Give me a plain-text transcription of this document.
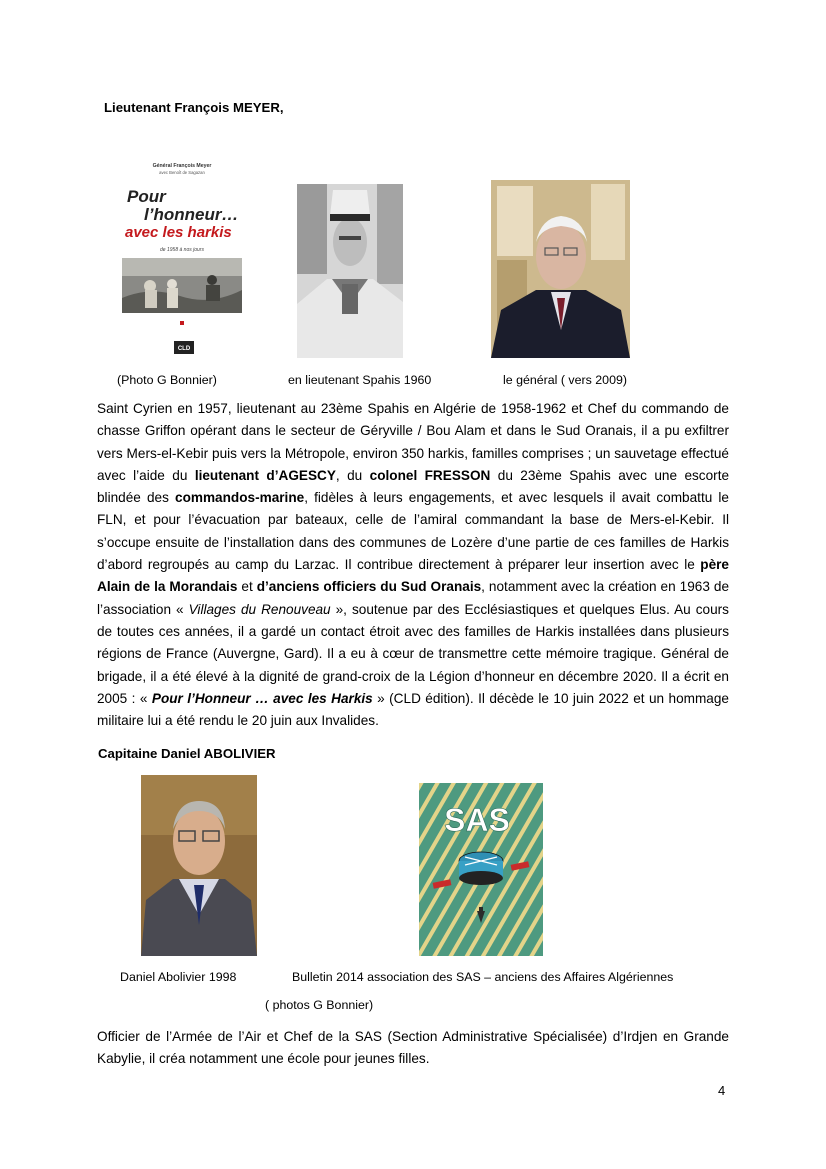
Lieutenant François MEYER,
Général François Meyer
avec Benoît de Sagazan
Pour
l’honneur…
avec les harkis
de 1958 à nos jours
CLD
(Photo G Bonnier)	en lieutenant Spahis 1960	le général ( vers 2009)
Saint Cyrien en 1957, lieutenant au 23ème Spahis en Algérie de 1958-1962 et Chef du commando de chasse Griffon opérant dans le secteur de Géryville / Bou Alam et dans le Sud Oranais, il a pu exfiltrer vers Mers-el-Kebir puis vers la Métropole, environ 350 harkis, familles comprises ; un sauvetage effectué avec l’aide du lieutenant d’AGESCY, du colonel FRESSON du 23ème Spahis avec une escorte blindée des commandos-marine, fidèles à leurs engagements, et avec lesquels il avait combattu le FLN, et pour l’évacuation par bateaux, celle de l’amiral commandant la base de Mers-el-Kebir. Il s’occupe ensuite de l’installation dans des communes de Lozère d’une partie de ces familles de Harkis d’abord regroupés au camp du Larzac. Il contribue directement à préparer leur insertion avec le père Alain de la Morandais et d’anciens officiers du Sud Oranais, notamment avec la création en 1963 de l’association « Villages du Renouveau », soutenue par des Ecclésiastiques et quelques Elus. Au cours de toutes ces années, il a gardé un contact étroit avec des familles de Harkis installées dans plusieurs régions de France (Auvergne, Gard). Il a eu à cœur de transmettre cette mémoire tragique. Général de brigade, il a été élevé à la dignité de grand-croix de la Légion d’honneur en décembre 2020. Il a écrit en 2005 : « Pour l’Honneur … avec les Harkis » (CLD édition). Il décède le 10 juin 2022 et un hommage militaire lui a été rendu le 20 juin aux Invalides.
Capitaine Daniel ABOLIVIER
SAS
Daniel Abolivier 1998	Bulletin 2014 association des SAS – anciens des Affaires Algériennes
( photos G Bonnier)
Officier de l’Armée de l’Air et Chef de la SAS (Section Administrative Spécialisée) d’Irdjen en Grande Kabylie, il créa notamment une école pour jeunes filles.
4
